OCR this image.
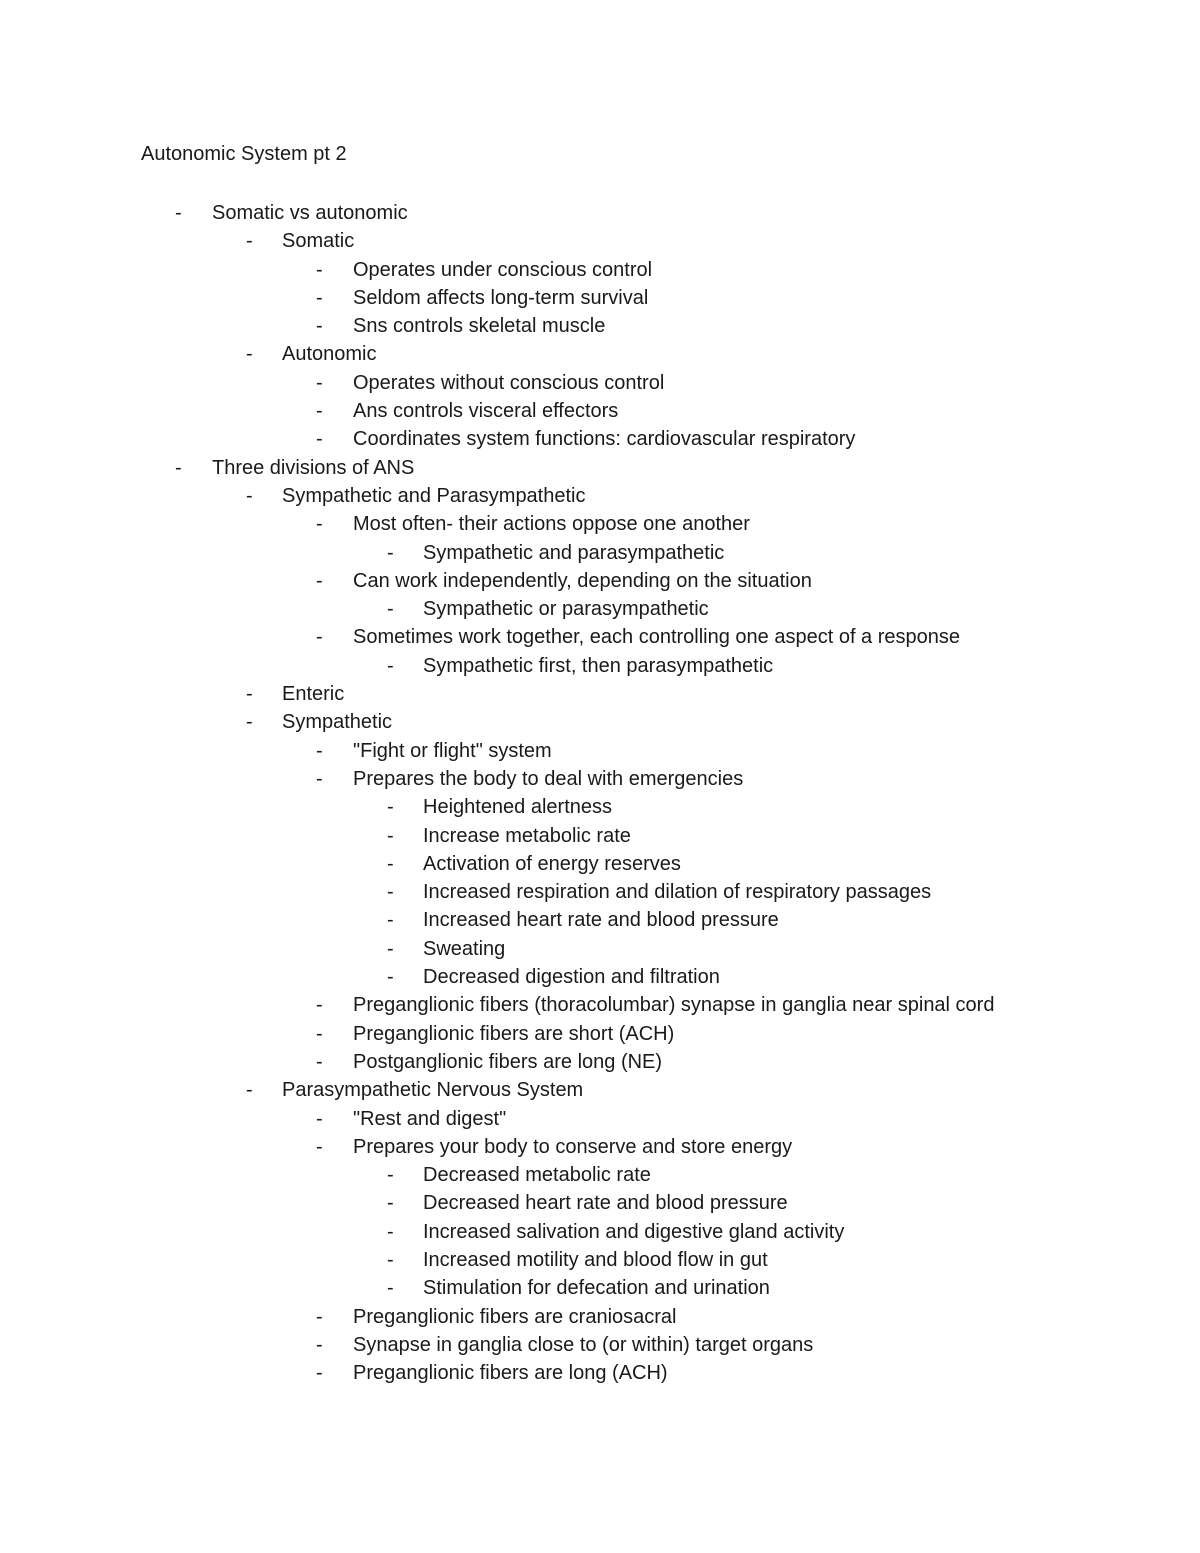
Autonomic System pt 2
- Somatic vs autonomic
- Somatic
- Operates under conscious control
- Seldom affects long-term survival
- Sns controls skeletal muscle
- Autonomic
- Operates without conscious control
- Ans controls visceral effectors
- Coordinates system functions: cardiovascular respiratory
- Three divisions of ANS
- Sympathetic and Parasympathetic
- Most often- their actions oppose one another
- Sympathetic and parasympathetic
- Can work independently, depending on the situation
- Sympathetic or parasympathetic
- Sometimes work together, each controlling one aspect of a response
- Sympathetic first, then parasympathetic
- Enteric
- Sympathetic
- "Fight or flight" system
- Prepares the body to deal with emergencies
- Heightened alertness
- Increase metabolic rate
- Activation of energy reserves
- Increased respiration and dilation of respiratory passages
- Increased heart rate and blood pressure
- Sweating
- Decreased digestion and filtration
- Preganglionic fibers (thoracolumbar) synapse in ganglia near spinal cord
- Preganglionic fibers are short (ACH)
- Postganglionic fibers are long (NE)
- Parasympathetic Nervous System
- "Rest and digest"
- Prepares your body to conserve and store energy
- Decreased metabolic rate
- Decreased heart rate and blood pressure
- Increased salivation and digestive gland activity
- Increased motility and blood flow in gut
- Stimulation for defecation and urination
- Preganglionic fibers are craniosacral
- Synapse in ganglia close to (or within) target organs
- Preganglionic fibers are long (ACH)
